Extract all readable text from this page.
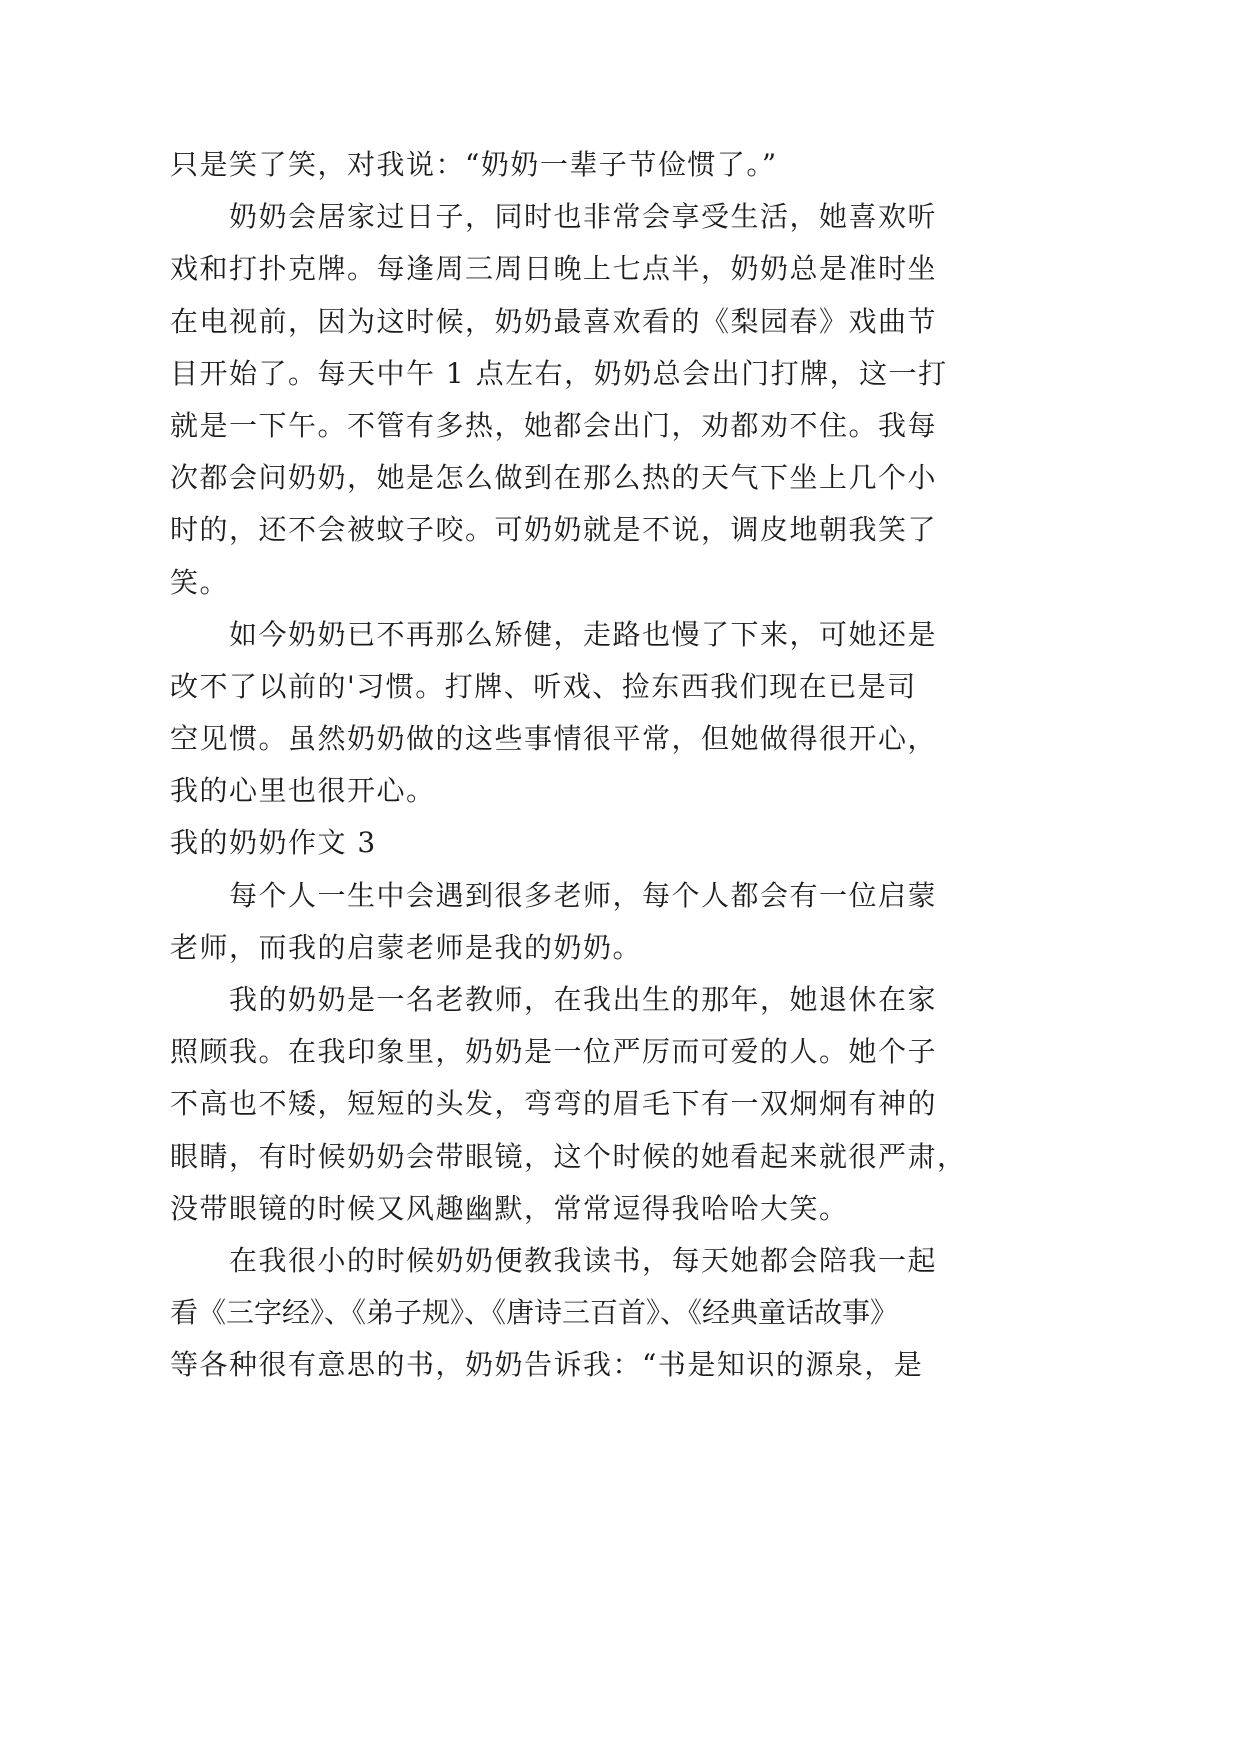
只是笑了笑，对我说：“奶奶一辈子节俭惯了。”
奶奶会居家过日子，同时也非常会享受生活，她喜欢听
戏和打扑克牌。每逢周三周日晚上七点半，奶奶总是准时坐
在电视前，因为这时候，奶奶最喜欢看的《梨园春》戏曲节
目开始了。每天中午 1 点左右，奶奶总会出门打牌，这一打
就是一下午。不管有多热，她都会出门，劝都劝不住。我每
次都会问奶奶，她是怎么做到在那么热的天气下坐上几个小
时的，还不会被蚊子咬。可奶奶就是不说，调皮地朝我笑了
笑。
如今奶奶已不再那么矫健，走路也慢了下来，可她还是
改不了以前的'习惯。打牌、听戏、捡东西我们现在已是司
空见惯。虽然奶奶做的这些事情很平常，但她做得很开心，
我的心里也很开心。
我的奶奶作文 3
每个人一生中会遇到很多老师，每个人都会有一位启蒙
老师，而我的启蒙老师是我的奶奶。
我的奶奶是一名老教师，在我出生的那年，她退休在家
照顾我。在我印象里，奶奶是一位严厉而可爱的人。她个子
不高也不矮，短短的头发，弯弯的眉毛下有一双炯炯有神的
眼睛，有时候奶奶会带眼镜，这个时候的她看起来就很严肃，
没带眼镜的时候又风趣幽默，常常逗得我哈哈大笑。
在我很小的时候奶奶便教我读书，每天她都会陪我一起
看《三字经》、《弟子规》、《唐诗三百首》、《经典童话故事》
等各种很有意思的书，奶奶告诉我：“书是知识的源泉，是
